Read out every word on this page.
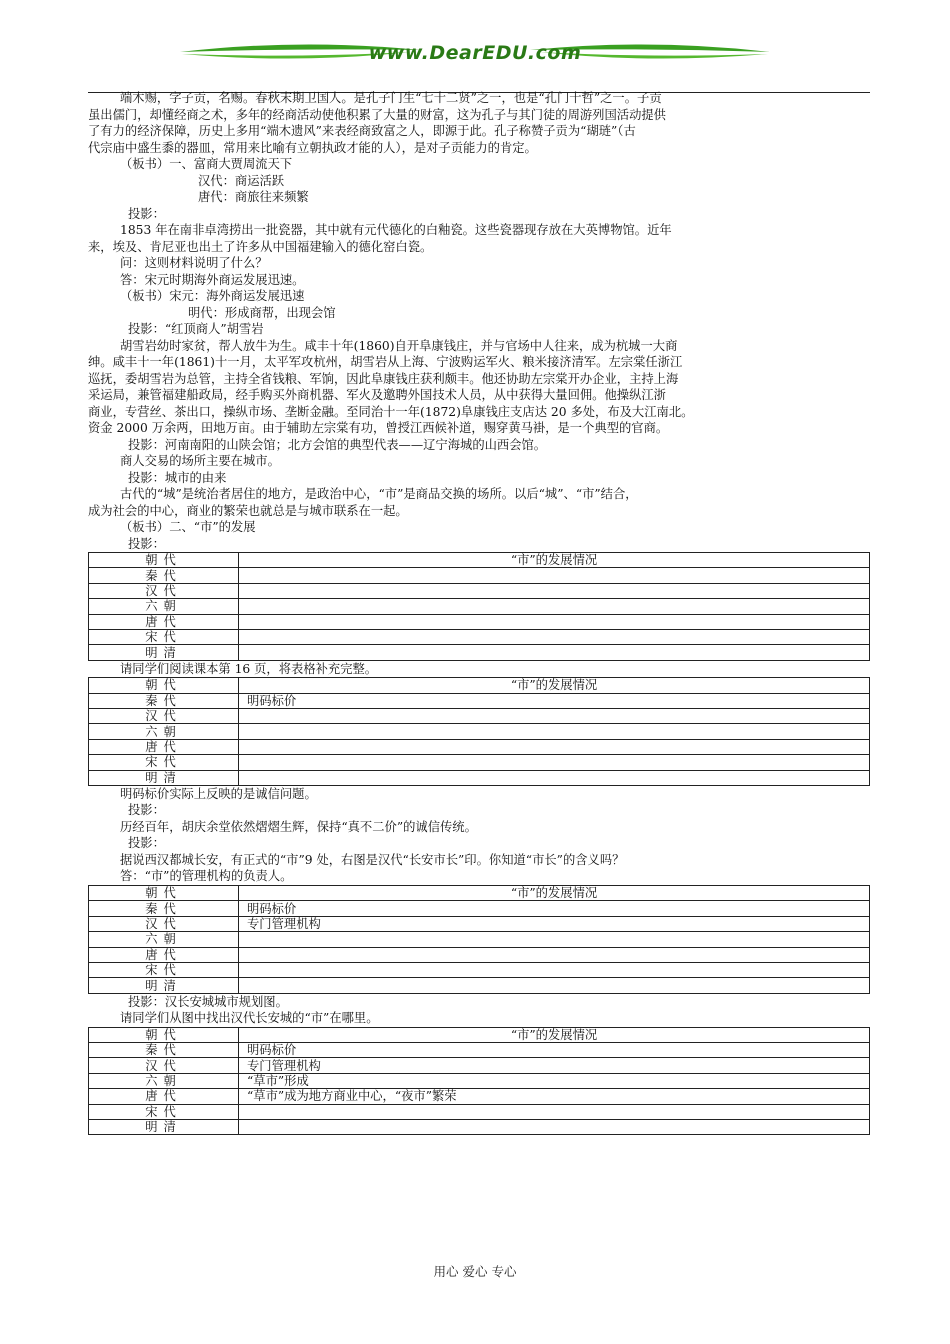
www.DearEDU.com
端木赐，字子贡，名赐。春秋末期卫国人。是孔子门生“七十二贤”之一，也是“孔门十哲”之一。子贡
虽出儒门，却懂经商之术，多年的经商活动使他积累了大量的财富，这为孔子与其门徒的周游列国活动提供
了有力的经济保障，历史上多用“端木遗风”来表经商致富之人，即源于此。孔子称赞子贡为“瑚琏”（古
代宗庙中盛生黍的器皿，常用来比喻有立朝执政才能的人），是对子贡能力的肯定。
（板书）一、富商大贾周流天下
汉代：商运活跃
唐代：商旅往来频繁
投影：
1853 年在南非卓湾捞出一批瓷器，其中就有元代德化的白釉瓷。这些瓷器现存放在大英博物馆。近年
来，埃及、肯尼亚也出土了许多从中国福建输入的德化窑白瓷。
问：这则材料说明了什么？
答：宋元时期海外商运发展迅速。
（板书）宋元：海外商运发展迅速
明代：形成商帮，出现会馆
投影：“红顶商人”胡雪岩
胡雪岩幼时家贫，帮人放牛为生。咸丰十年(1860)自开阜康钱庄，并与官场中人往来，成为杭城一大商
绅。咸丰十一年(1861)十一月，太平军攻杭州，胡雪岩从上海、宁波购运军火、粮米接济清军。左宗棠任浙江
巡抚，委胡雪岩为总管，主持全省钱粮、军饷，因此阜康钱庄获利颇丰。他还协助左宗棠开办企业，主持上海
采运局，兼管福建船政局，经手购买外商机器、军火及邀聘外国技术人员，从中获得大量回佣。他操纵江浙
商业，专营丝、茶出口，操纵市场、垄断金融。至同治十一年(1872)阜康钱庄支店达 20 多处，布及大江南北。
资金 2000 万余两，田地万亩。由于辅助左宗棠有功，曾授江西候补道，赐穿黄马褂，是一个典型的官商。
投影：河南南阳的山陕会馆；北方会馆的典型代表——辽宁海城的山西会馆。
商人交易的场所主要在城市。
投影：城市的由来
古代的“城”是统治者居住的地方，是政治中心，“市”是商品交换的场所。以后“城”、“市”结合，
成为社会的中心，商业的繁荣也就总是与城市联系在一起。
（板书）二、“市”的发展
投影：
朝代	“市”的发展情况
秦代	
汉代	
六朝	
唐代	
宋代	
明清	
请同学们阅读课本第 16 页，将表格补充完整。
朝代	“市”的发展情况
秦代	明码标价
汉代	
六朝	
唐代	
宋代	
明清	
明码标价实际上反映的是诚信问题。
投影：
历经百年，胡庆余堂依然熠熠生辉，保持“真不二价”的诚信传统。
投影：
据说西汉都城长安，有正式的“市”9 处，右图是汉代“长安市长”印。你知道“市长”的含义吗？
答：“市”的管理机构的负责人。
朝代	“市”的发展情况
秦代	明码标价
汉代	专门管理机构
六朝	
唐代	
宋代	
明清	
投影：汉长安城城市规划图。
请同学们从图中找出汉代长安城的“市”在哪里。
朝代	“市”的发展情况
秦代	明码标价
汉代	专门管理机构
六朝	“草市”形成
唐代	“草市”成为地方商业中心，“夜市”繁荣
宋代	
明清	
用心 爱心 专心
